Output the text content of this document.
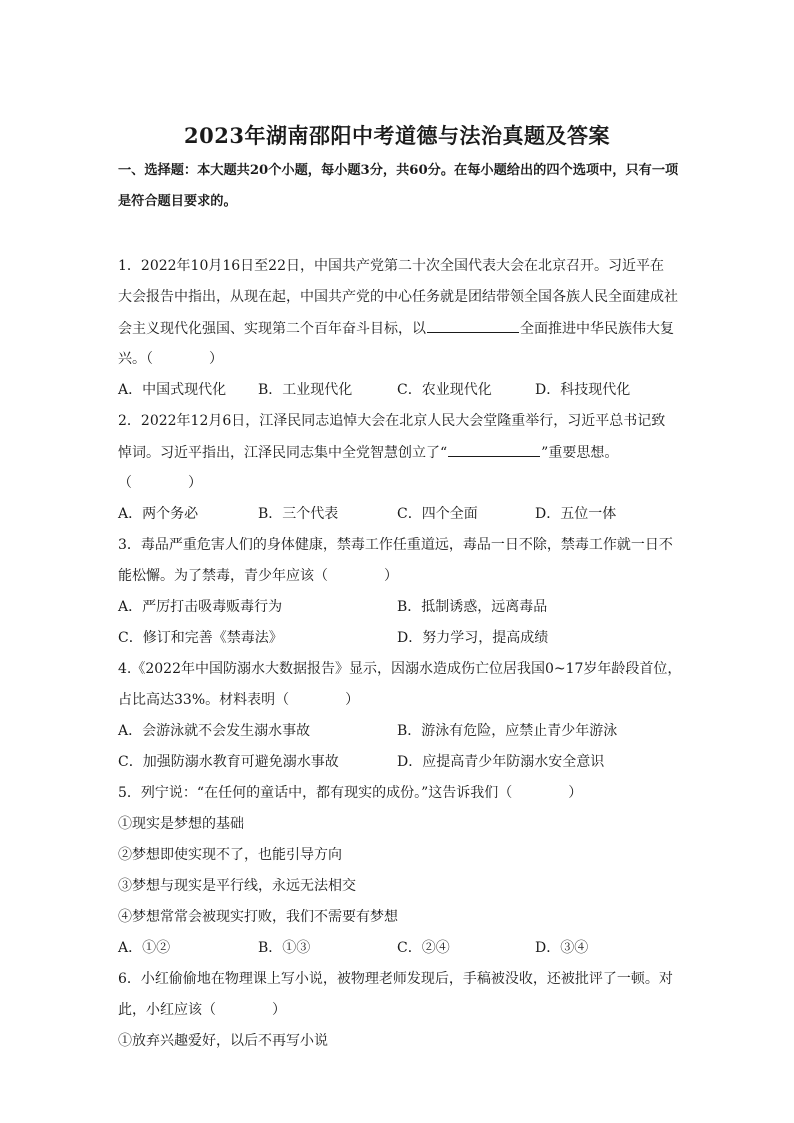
2023年湖南邵阳中考道德与法治真题及答案
一、选择题：本大题共20个小题，每小题3分，共60分。在每小题给出的四个选项中，只有一项是符合题目要求的。
1．2022年10月16日至22日，中国共产党第二十次全国代表大会在北京召开。习近平在
大会报告中指出，从现在起，中国共产党的中心任务就是团结带领全国各族人民全面建成社
会主义现代化强国、实现第二个百年奋斗目标，以	全面推进中华民族伟大复
兴。（　　　　）
A．中国式现代化 B．工业现代化	C．农业现代化	D．科技现代化
2．2022年12月6日，江泽民同志追悼大会在北京人民大会堂隆重举行，习近平总书记致
悼词。习近平指出，江泽民同志集中全党智慧创立了“	”重要思想。
（　　　　）
A．两个务必	B．三个代表	C．四个全面	D．五位一体
3．毒品严重危害人们的身体健康，禁毒工作任重道远，毒品一日不除，禁毒工作就一日不
能松懈。为了禁毒，青少年应该（　　　　）
A．严厉打击吸毒贩毒行为	B．抵制诱惑，远离毒品
C．修订和完善《禁毒法》	D．努力学习，提高成绩
4.《2022年中国防溺水大数据报告》显示，因溺水造成伤亡位居我国0~17岁年龄段首位，
占比高达33%。材料表明（　　　　）
A．会游泳就不会发生溺水事故	B．游泳有危险，应禁止青少年游泳
C．加强防溺水教育可避免溺水事故	D．应提高青少年防溺水安全意识
5．列宁说：“在任何的童话中，都有现实的成份。”这告诉我们（　　　　）
①现实是梦想的基础
②梦想即使实现不了，也能引导方向
③梦想与现实是平行线，永远无法相交
④梦想常常会被现实打败，我们不需要有梦想
A．①②	B．①③	C．②④	D．③④
6．小红偷偷地在物理课上写小说，被物理老师发现后，手稿被没收，还被批评了一顿。对
此，小红应该（　　　　）
①放弃兴趣爱好，以后不再写小说
